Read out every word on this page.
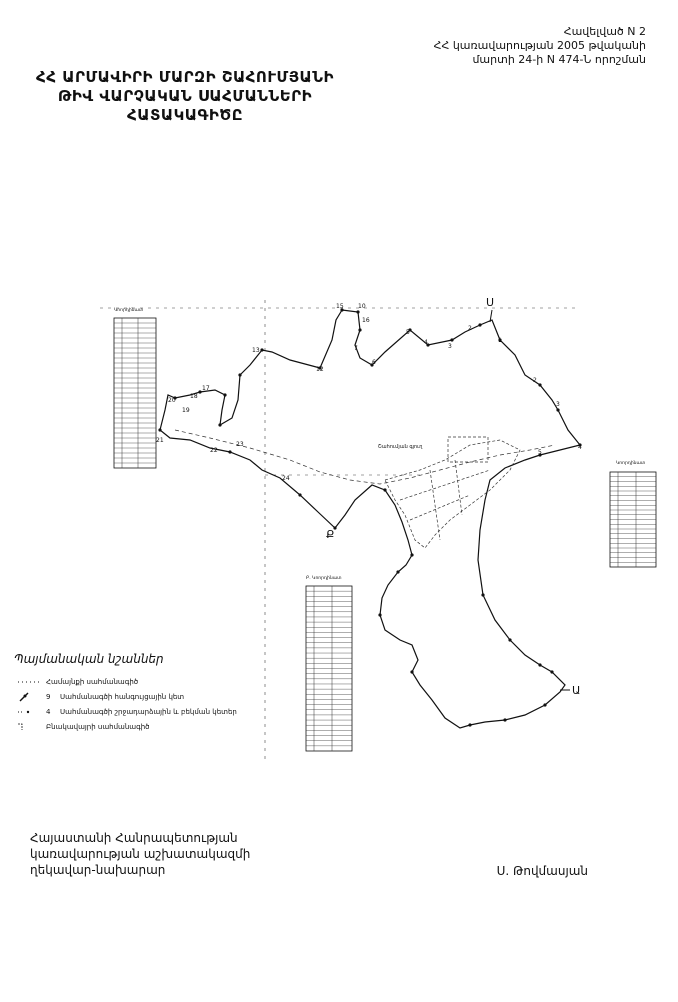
Հավելված N 2
ՀՀ կառավարության 2005 թվականի
մարտի 24-ի N 474-Ն որոշման
ՀՀ ԱՐՄԱՎԻՐԻ ՄԱՐԶԻ ՇԱՀՈՒՄՅԱՆԻ
ԹԻՎ ՎԱՐՉԱԿԱՆ ՍԱՀՄԱՆՆԵՐԻ
ՀԱՏԱԿԱԳԻԾԸ
15 10
16
7
6
5
4
3
2
1
2
3
4
5
13
12
18
19
17
20
21
22
23
24
Ս
Ա
Ք
Շահումյան գյուղ
Կոորդինատ
Կոորդինատ
Բ. Կոորդինատ
Պայմանական նշաններ
Համայնքի սահմանագիծ
9	Սահմանագծի հանգույցային կետ
4	Սահմանագծի շրջադարձային և բեկման կետեր
Բնակավայրի սահմանագիծ
Հայաստանի Հանրապետության
կառավարության աշխատակազմի
ղեկավար-նախարար	Ս. Թովմասյան
